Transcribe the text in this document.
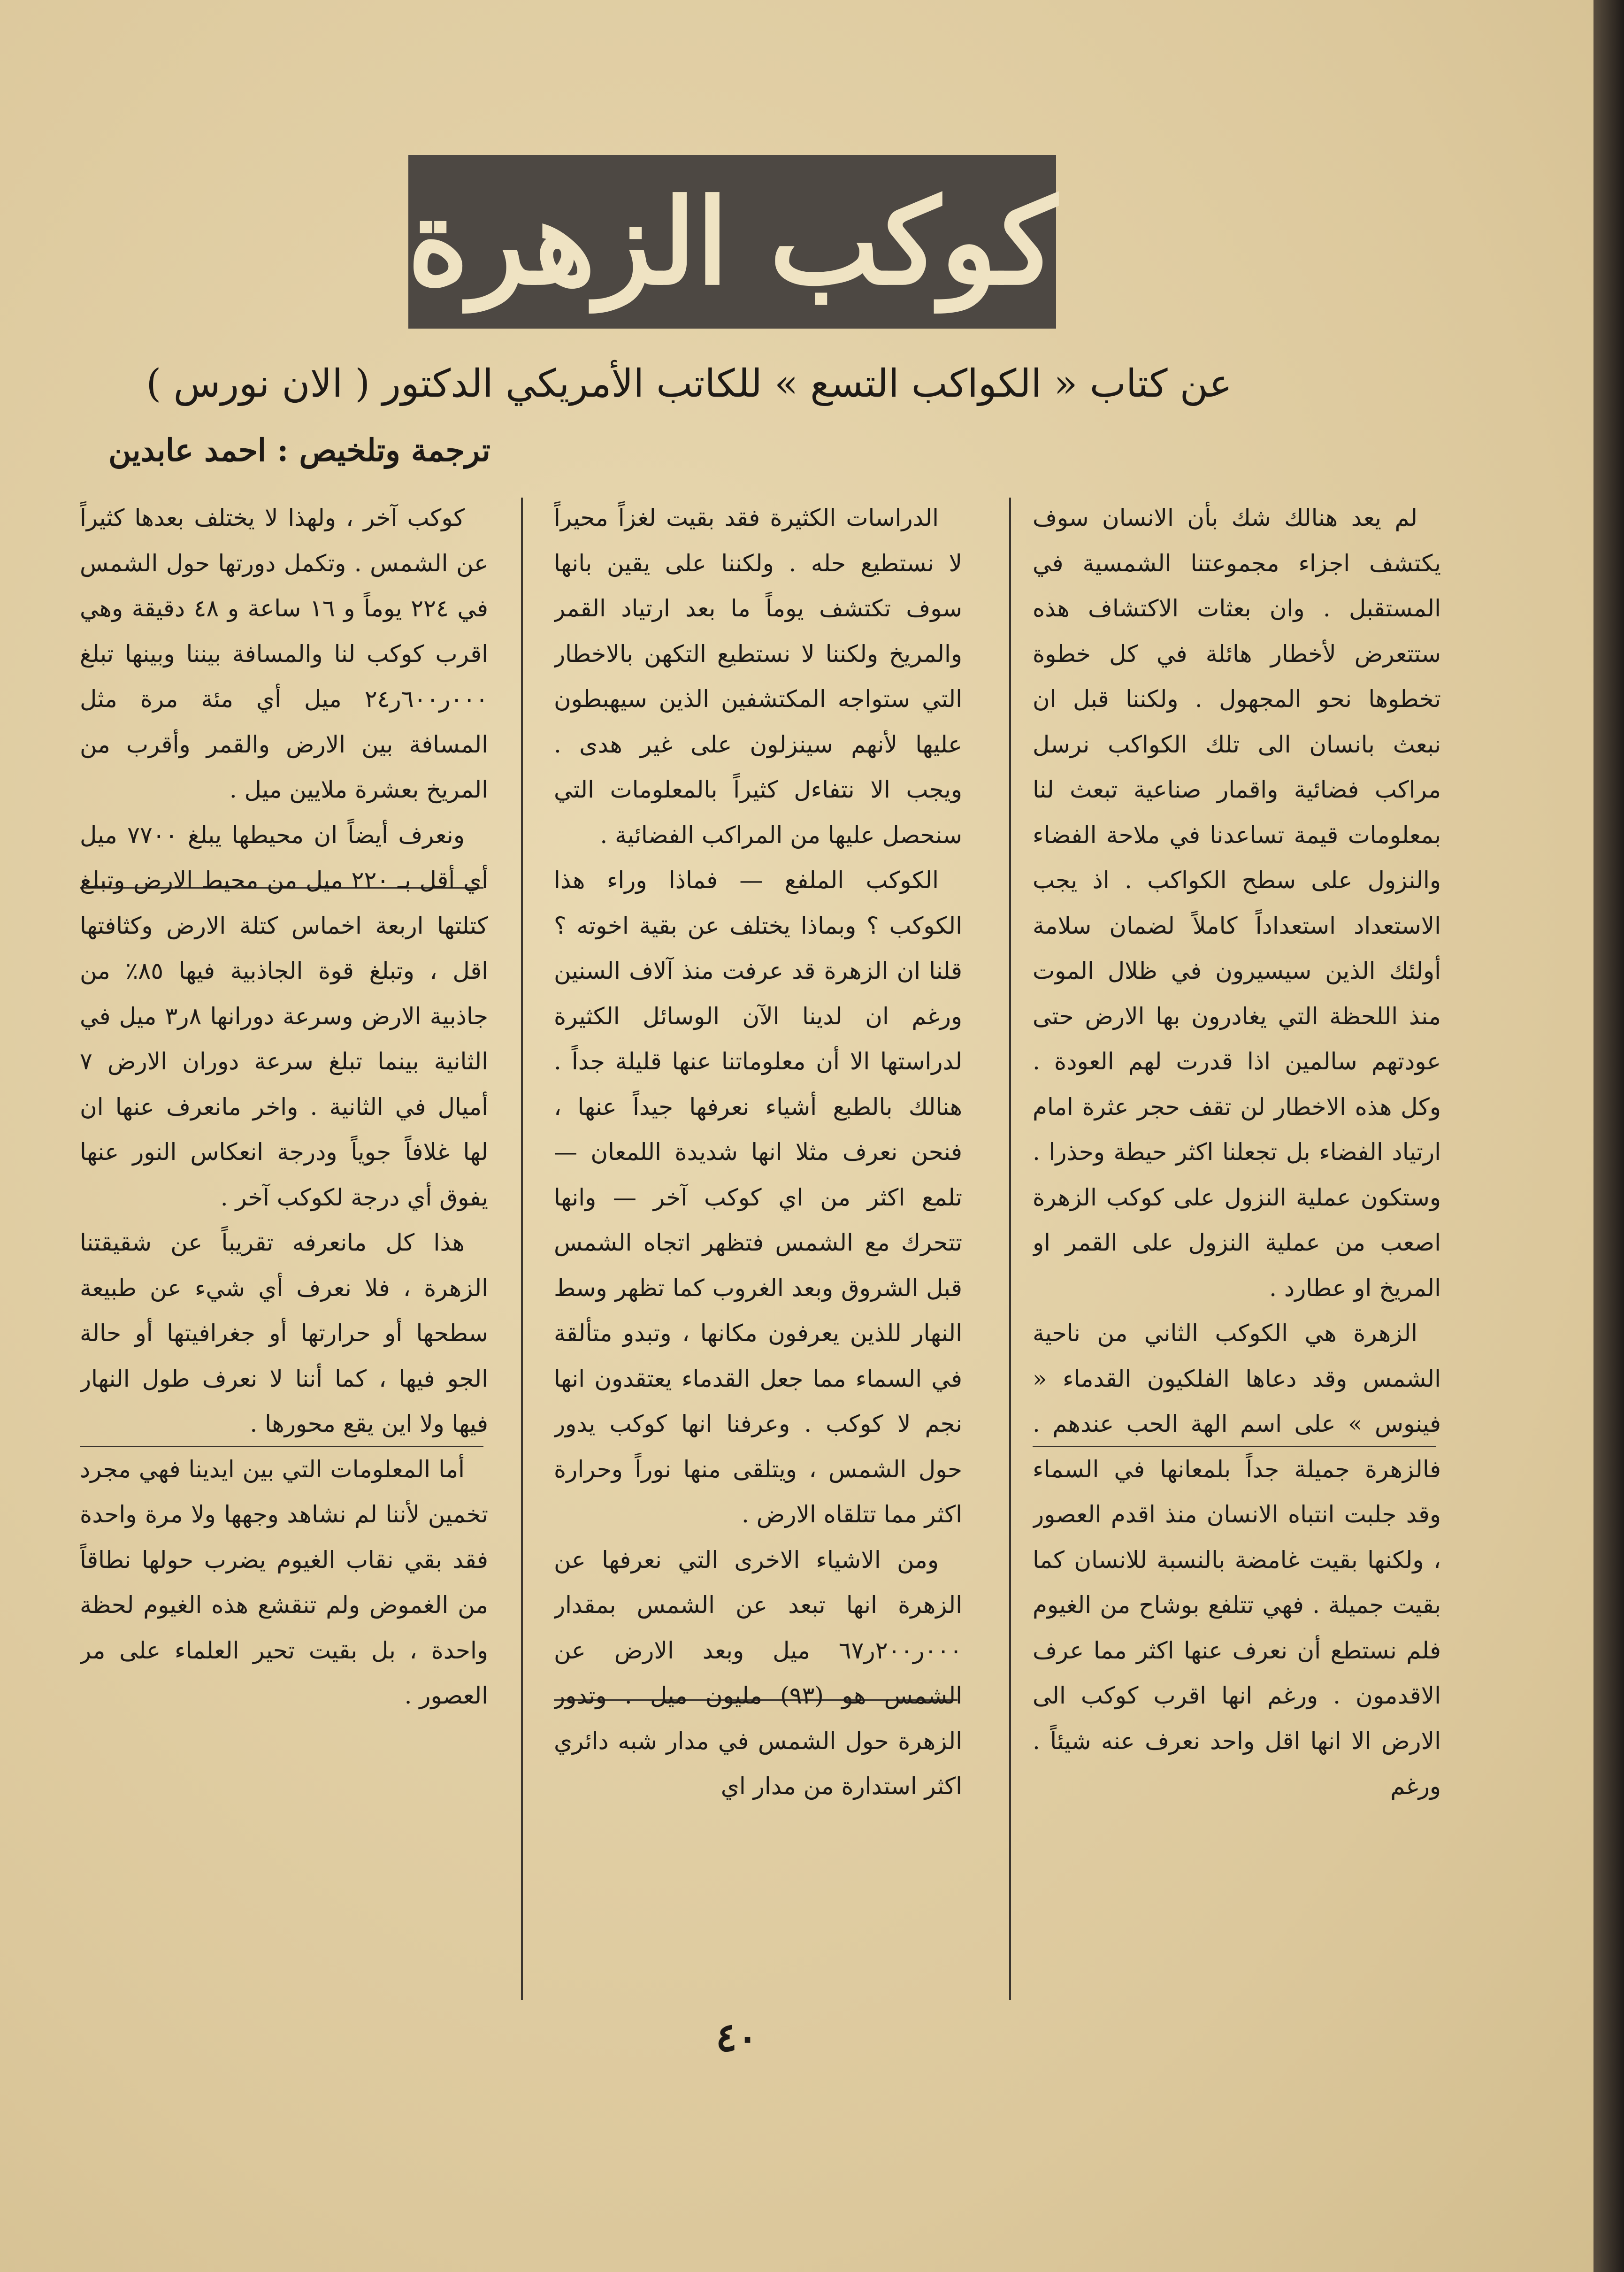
كوكب الزهرة
عن كتاب « الكواكب التسع » للكاتب الأمريكي الدكتور ( الان نورس )
ترجمة وتلخيص : احمد عابدين

لم يعد هنالك شك بأن الانسان سوف يكتشف اجزاء مجموعتنا الشمسية في المستقبل . وان بعثات الاكتشاف هذه ستتعرض لأخطار هائلة في كل خطوة تخطوها نحو المجهول . ولكننا قبل ان نبعث بانسان الى تلك الكواكب نرسل مراكب فضائية واقمار صناعية تبعث لنا بمعلومات قيمة تساعدنا في ملاحة الفضاء والنزول على سطح الكواكب . اذ يجب الاستعداد استعداداً كاملاً لضمان سلامة أولئك الذين سيسيرون في ظلال الموت منذ اللحظة التي يغادرون بها الارض حتى عودتهم سالمين اذا قدرت لهم العودة . وكل هذه الاخطار لن تقف حجر عثرة امام ارتياد الفضاء بل تجعلنا اكثر حيطة وحذرا . وستكون عملية النزول على كوكب الزهرة اصعب من عملية النزول على القمر او المريخ او عطارد .

الزهرة هي الكوكب الثاني من ناحية الشمس وقد دعاها الفلكيون القدماء « فينوس » على اسم الهة الحب عندهم . فالزهرة جميلة جداً بلمعانها في السماء وقد جلبت انتباه الانسان منذ اقدم العصور ، ولكنها بقيت غامضة بالنسبة للانسان كما بقيت جميلة . فهي تتلفع بوشاح من الغيوم فلم نستطع أن نعرف عنها اكثر مما عرف الاقدمون . ورغم انها اقرب كوكب الى الارض الا انها اقل واحد نعرف عنه شيئاً . ورغم

الدراسات الكثيرة فقد بقيت لغزاً محيراً لا نستطيع حله . ولكننا على يقين بانها سوف تكتشف يوماً ما بعد ارتياد القمر والمريخ ولكننا لا نستطيع التكهن بالاخطار التي ستواجه المكتشفين الذين سيهبطون عليها لأنهم سينزلون على غير هدى . ويجب الا نتفاءل كثيراً بالمعلومات التي سنحصل عليها من المراكب الفضائية .

الكوكب الملفع — فماذا وراء هذا الكوكب ؟ وبماذا يختلف عن بقية اخوته ؟ قلنا ان الزهرة قد عرفت منذ آلاف السنين ورغم ان لدينا الآن الوسائل الكثيرة لدراستها الا أن معلوماتنا عنها قليلة جداً . هنالك بالطبع أشياء نعرفها جيداً عنها ، فنحن نعرف مثلا انها شديدة اللمعان — تلمع اكثر من اي كوكب آخر — وانها تتحرك مع الشمس فتظهر اتجاه الشمس قبل الشروق وبعد الغروب كما تظهر وسط النهار للذين يعرفون مكانها ، وتبدو متألقة في السماء مما جعل القدماء يعتقدون انها نجم لا كوكب . وعرفنا انها كوكب يدور حول الشمس ، ويتلقى منها نوراً وحرارة اكثر مما تتلقاه الارض .

ومن الاشياء الاخرى التي نعرفها عن الزهرة انها تبعد عن الشمس بمقدار ٠٠٠ر٢٠٠ر٦٧ ميل وبعد الارض عن الشمس هو (٩٣) مليون ميل . وتدور الزهرة حول الشمس في مدار شبه دائري اكثر استدارة من مدار اي

كوكب آخر ، ولهذا لا يختلف بعدها كثيراً عن الشمس . وتكمل دورتها حول الشمس في ٢٢٤ يوماً و ١٦ ساعة و ٤٨ دقيقة وهي اقرب كوكب لنا والمسافة بيننا وبينها تبلغ ٠٠٠ر٦٠٠ر٢٤ ميل أي مئة مرة مثل المسافة بين الارض والقمر وأقرب من المريخ بعشرة ملايين ميل .

ونعرف أيضاً ان محيطها يبلغ ٧٧٠٠ ميل أي أقل بـ ٢٢٠ ميل من محيط الارض وتبلغ كتلتها اربعة اخماس كتلة الارض وكثافتها اقل ، وتبلغ قوة الجاذبية فيها ٨٥٪ من جاذبية الارض وسرعة دورانها ٨ر٣ ميل في الثانية بينما تبلغ سرعة دوران الارض ٧ أميال في الثانية . واخر مانعرف عنها ان لها غلافاً جوياً ودرجة انعكاس النور عنها يفوق أي درجة لكوكب آخر .

هذا كل مانعرفه تقريباً عن شقيقتنا الزهرة ، فلا نعرف أي شيء عن طبيعة سطحها أو حرارتها أو جغرافيتها أو حالة الجو فيها ، كما أننا لا نعرف طول النهار فيها ولا اين يقع محورها .

أما المعلومات التي بين ايدينا فهي مجرد تخمين لأننا لم نشاهد وجهها ولا مرة واحدة فقد بقي نقاب الغيوم يضرب حولها نطاقاً من الغموض ولم تنقشع هذه الغيوم لحظة واحدة ، بل بقيت تحير العلماء على مر العصور .

٤٠
